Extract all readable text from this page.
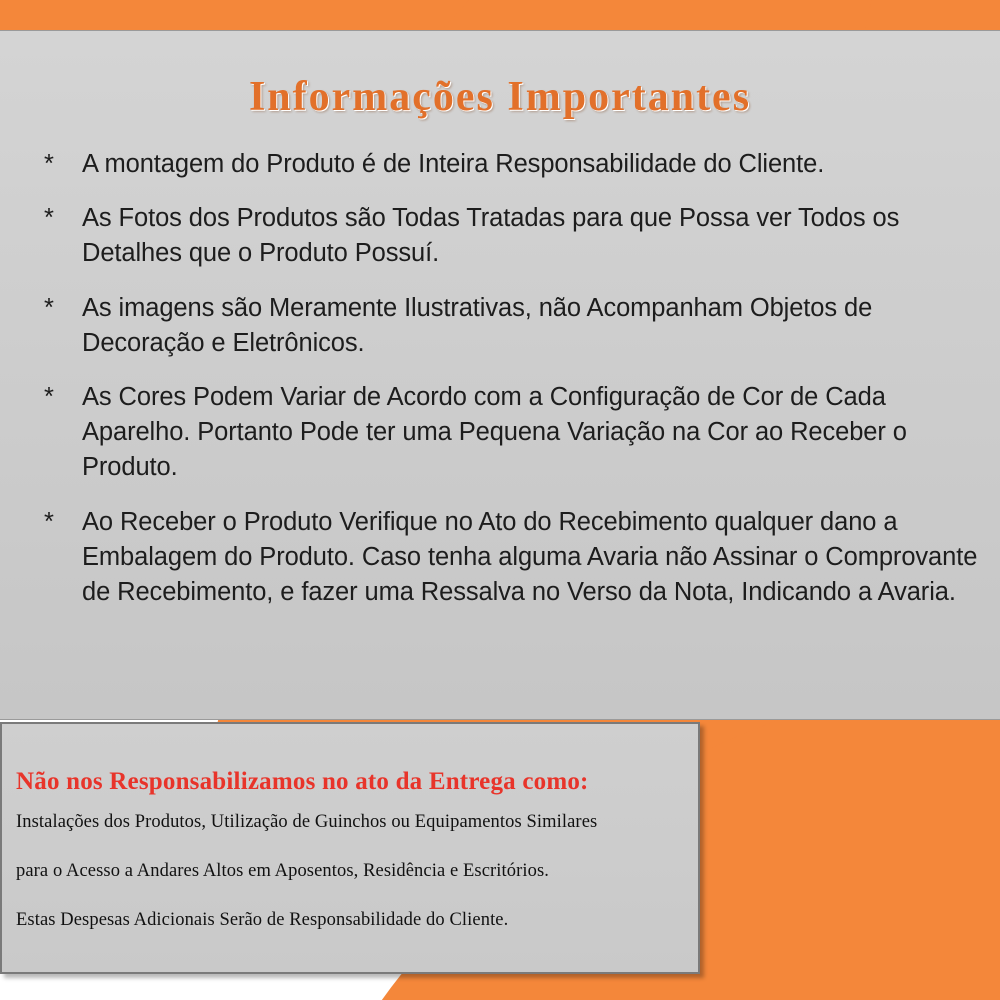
Informações Importantes
*	A montagem do Produto é de Inteira Responsabilidade do Cliente.
*	As Fotos dos Produtos são Todas Tratadas para que Possa ver Todos os Detalhes que o Produto Possuí.
*	As imagens são Meramente Ilustrativas, não Acompanham Objetos de Decoração e Eletrônicos.
*	As Cores Podem Variar de Acordo com a Configuração de Cor de Cada Aparelho. Portanto Pode ter uma Pequena Variação na Cor ao Receber o Produto.
*	Ao Receber o Produto Verifique no Ato do Recebimento qualquer dano a Embalagem do Produto. Caso tenha alguma Avaria não Assinar o Comprovante de Recebimento, e fazer uma Ressalva no Verso da Nota, Indicando a Avaria.
Não nos Responsabilizamos no ato da Entrega como:
Instalações dos Produtos, Utilização de Guinchos ou Equipamentos Similares
para o Acesso a Andares Altos em Aposentos, Residência e Escritórios.
Estas Despesas Adicionais Serão de Responsabilidade do Cliente.
